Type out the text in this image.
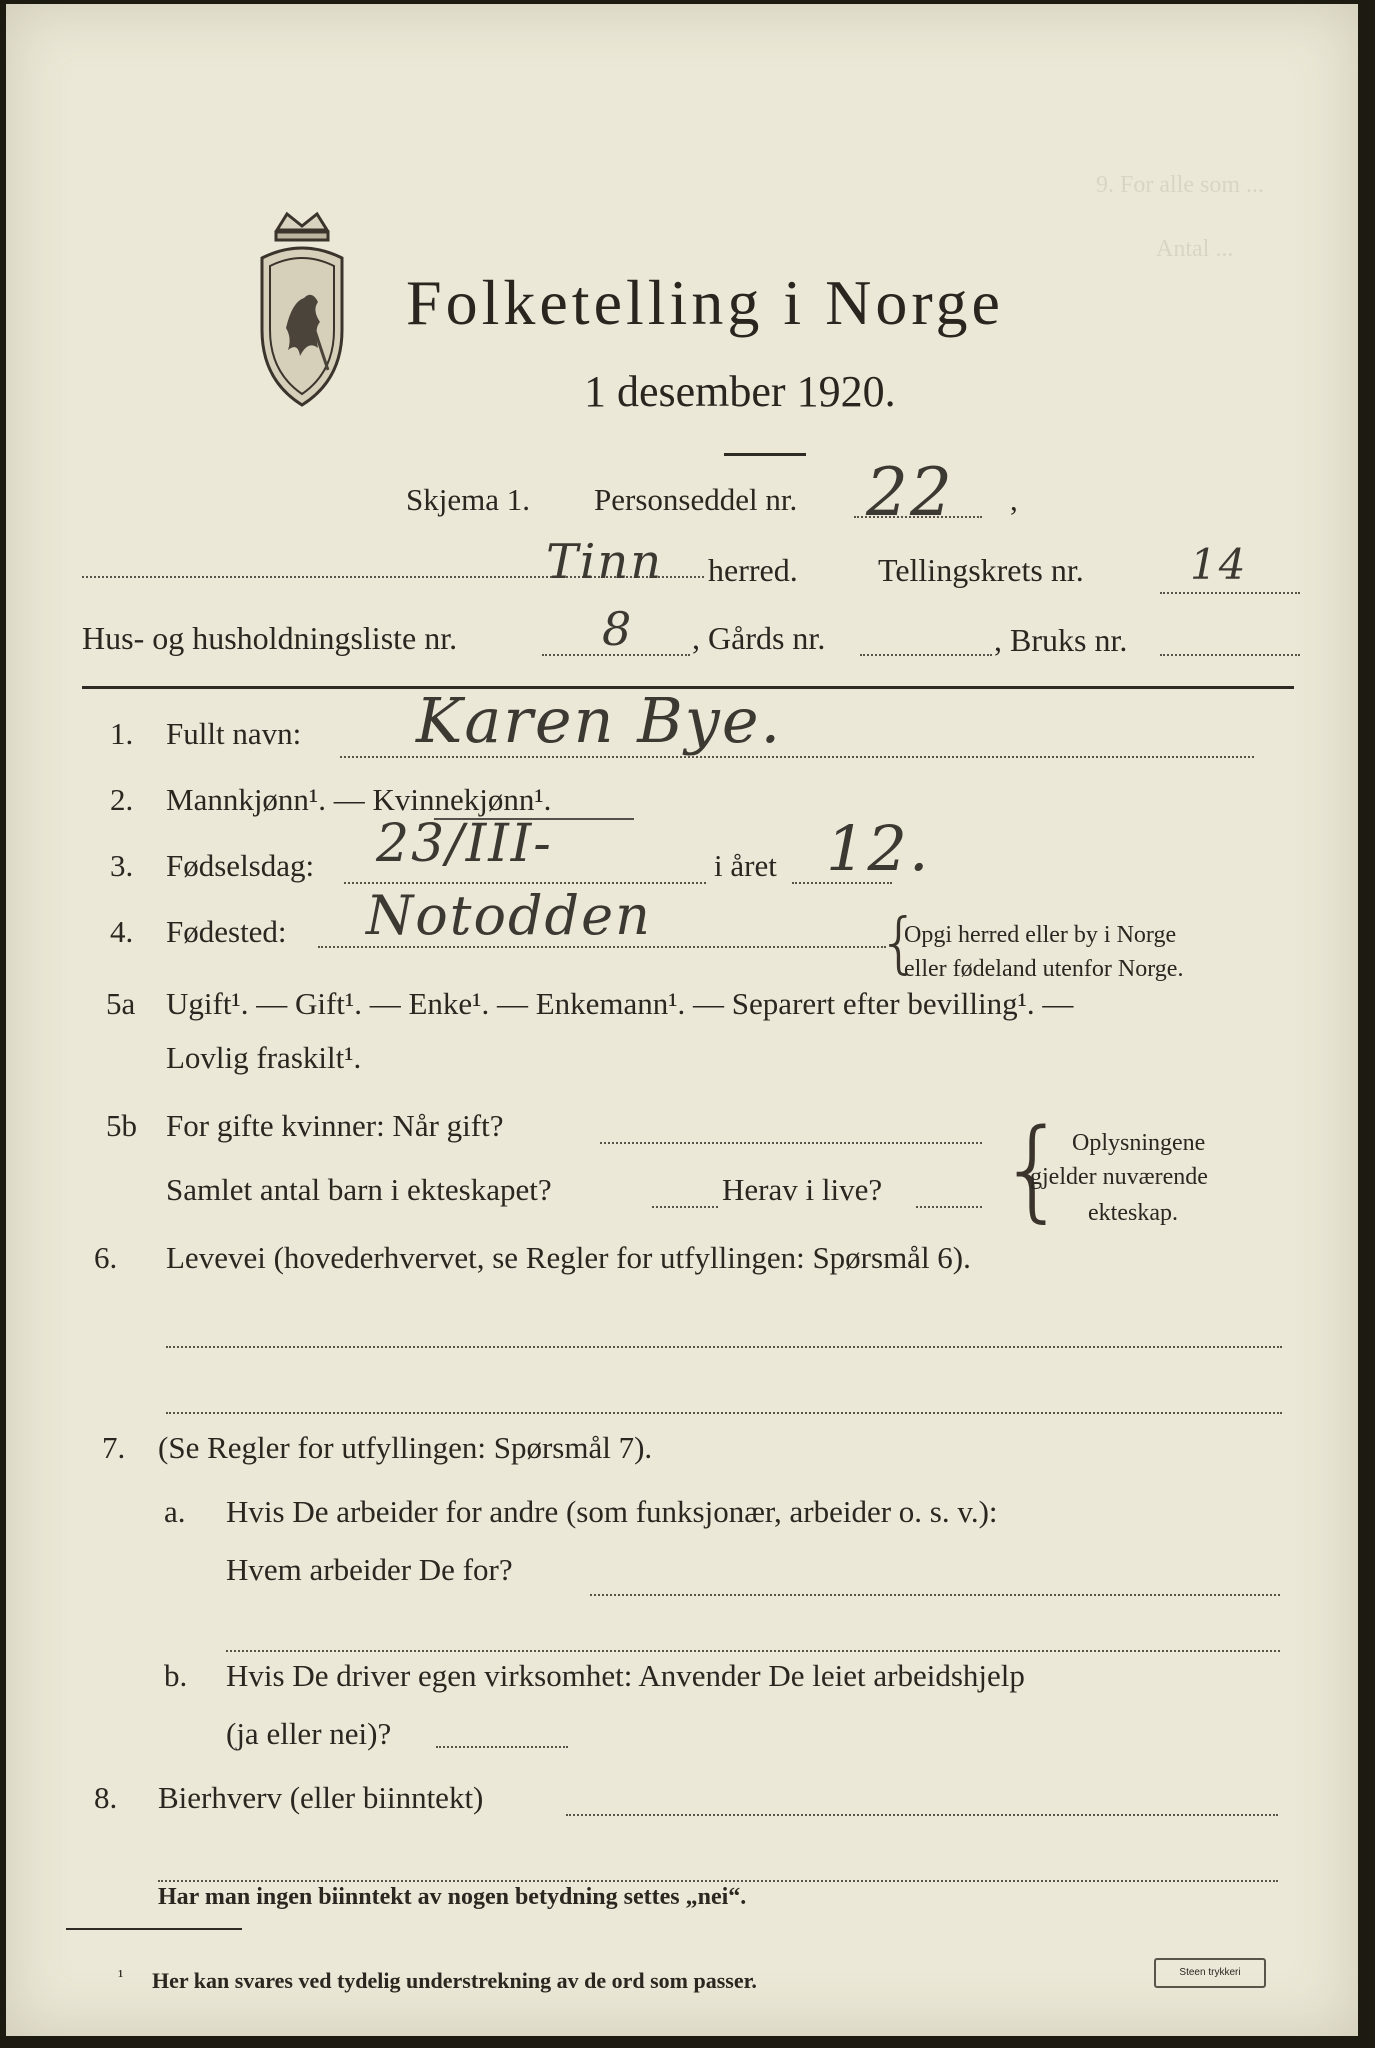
9. For alle som ...
Antal ...
Folketelling i Norge
1 desember 1920.
Skjema 1. Personseddel nr. 22 ,
Tinn herred.	Tellingskrets nr.	14
Hus- og husholdningsliste nr.	8 , Gårds nr.	, Bruks nr.
1. Fullt navn: Karen Bye.
2. Mannkjønn¹. — Kvinnekjønn¹.
3. Fødselsdag: 23/III-	i året 12.
4. Fødested: Notodden	{
Opgi herred eller by i Norge
eller fødeland utenfor Norge.
5a Ugift¹. — Gift¹. — Enke¹. — Enkemann¹. — Separert efter bevilling¹. —
Lovlig fraskilt¹.
5b For gifte kvinner: Når gift?
Samlet antal barn i ekteskapet?	Herav i live? { Oplysningene
gjelder nuværende
ekteskap.
6. Levevei (hovederhvervet, se Regler for utfyllingen: Spørsmål 6).
7. (Se Regler for utfyllingen: Spørsmål 7).
a. Hvis De arbeider for andre (som funksjonær, arbeider o. s. v.):
Hvem arbeider De for?
b. Hvis De driver egen virksomhet: Anvender De leiet arbeidshjelp
(ja eller nei)?
8. Bierhverv (eller biinntekt)
Har man ingen biinntekt av nogen betydning settes „nei“.
¹ Her kan svares ved tydelig understrekning av de ord som passer.	Steen trykkeri
